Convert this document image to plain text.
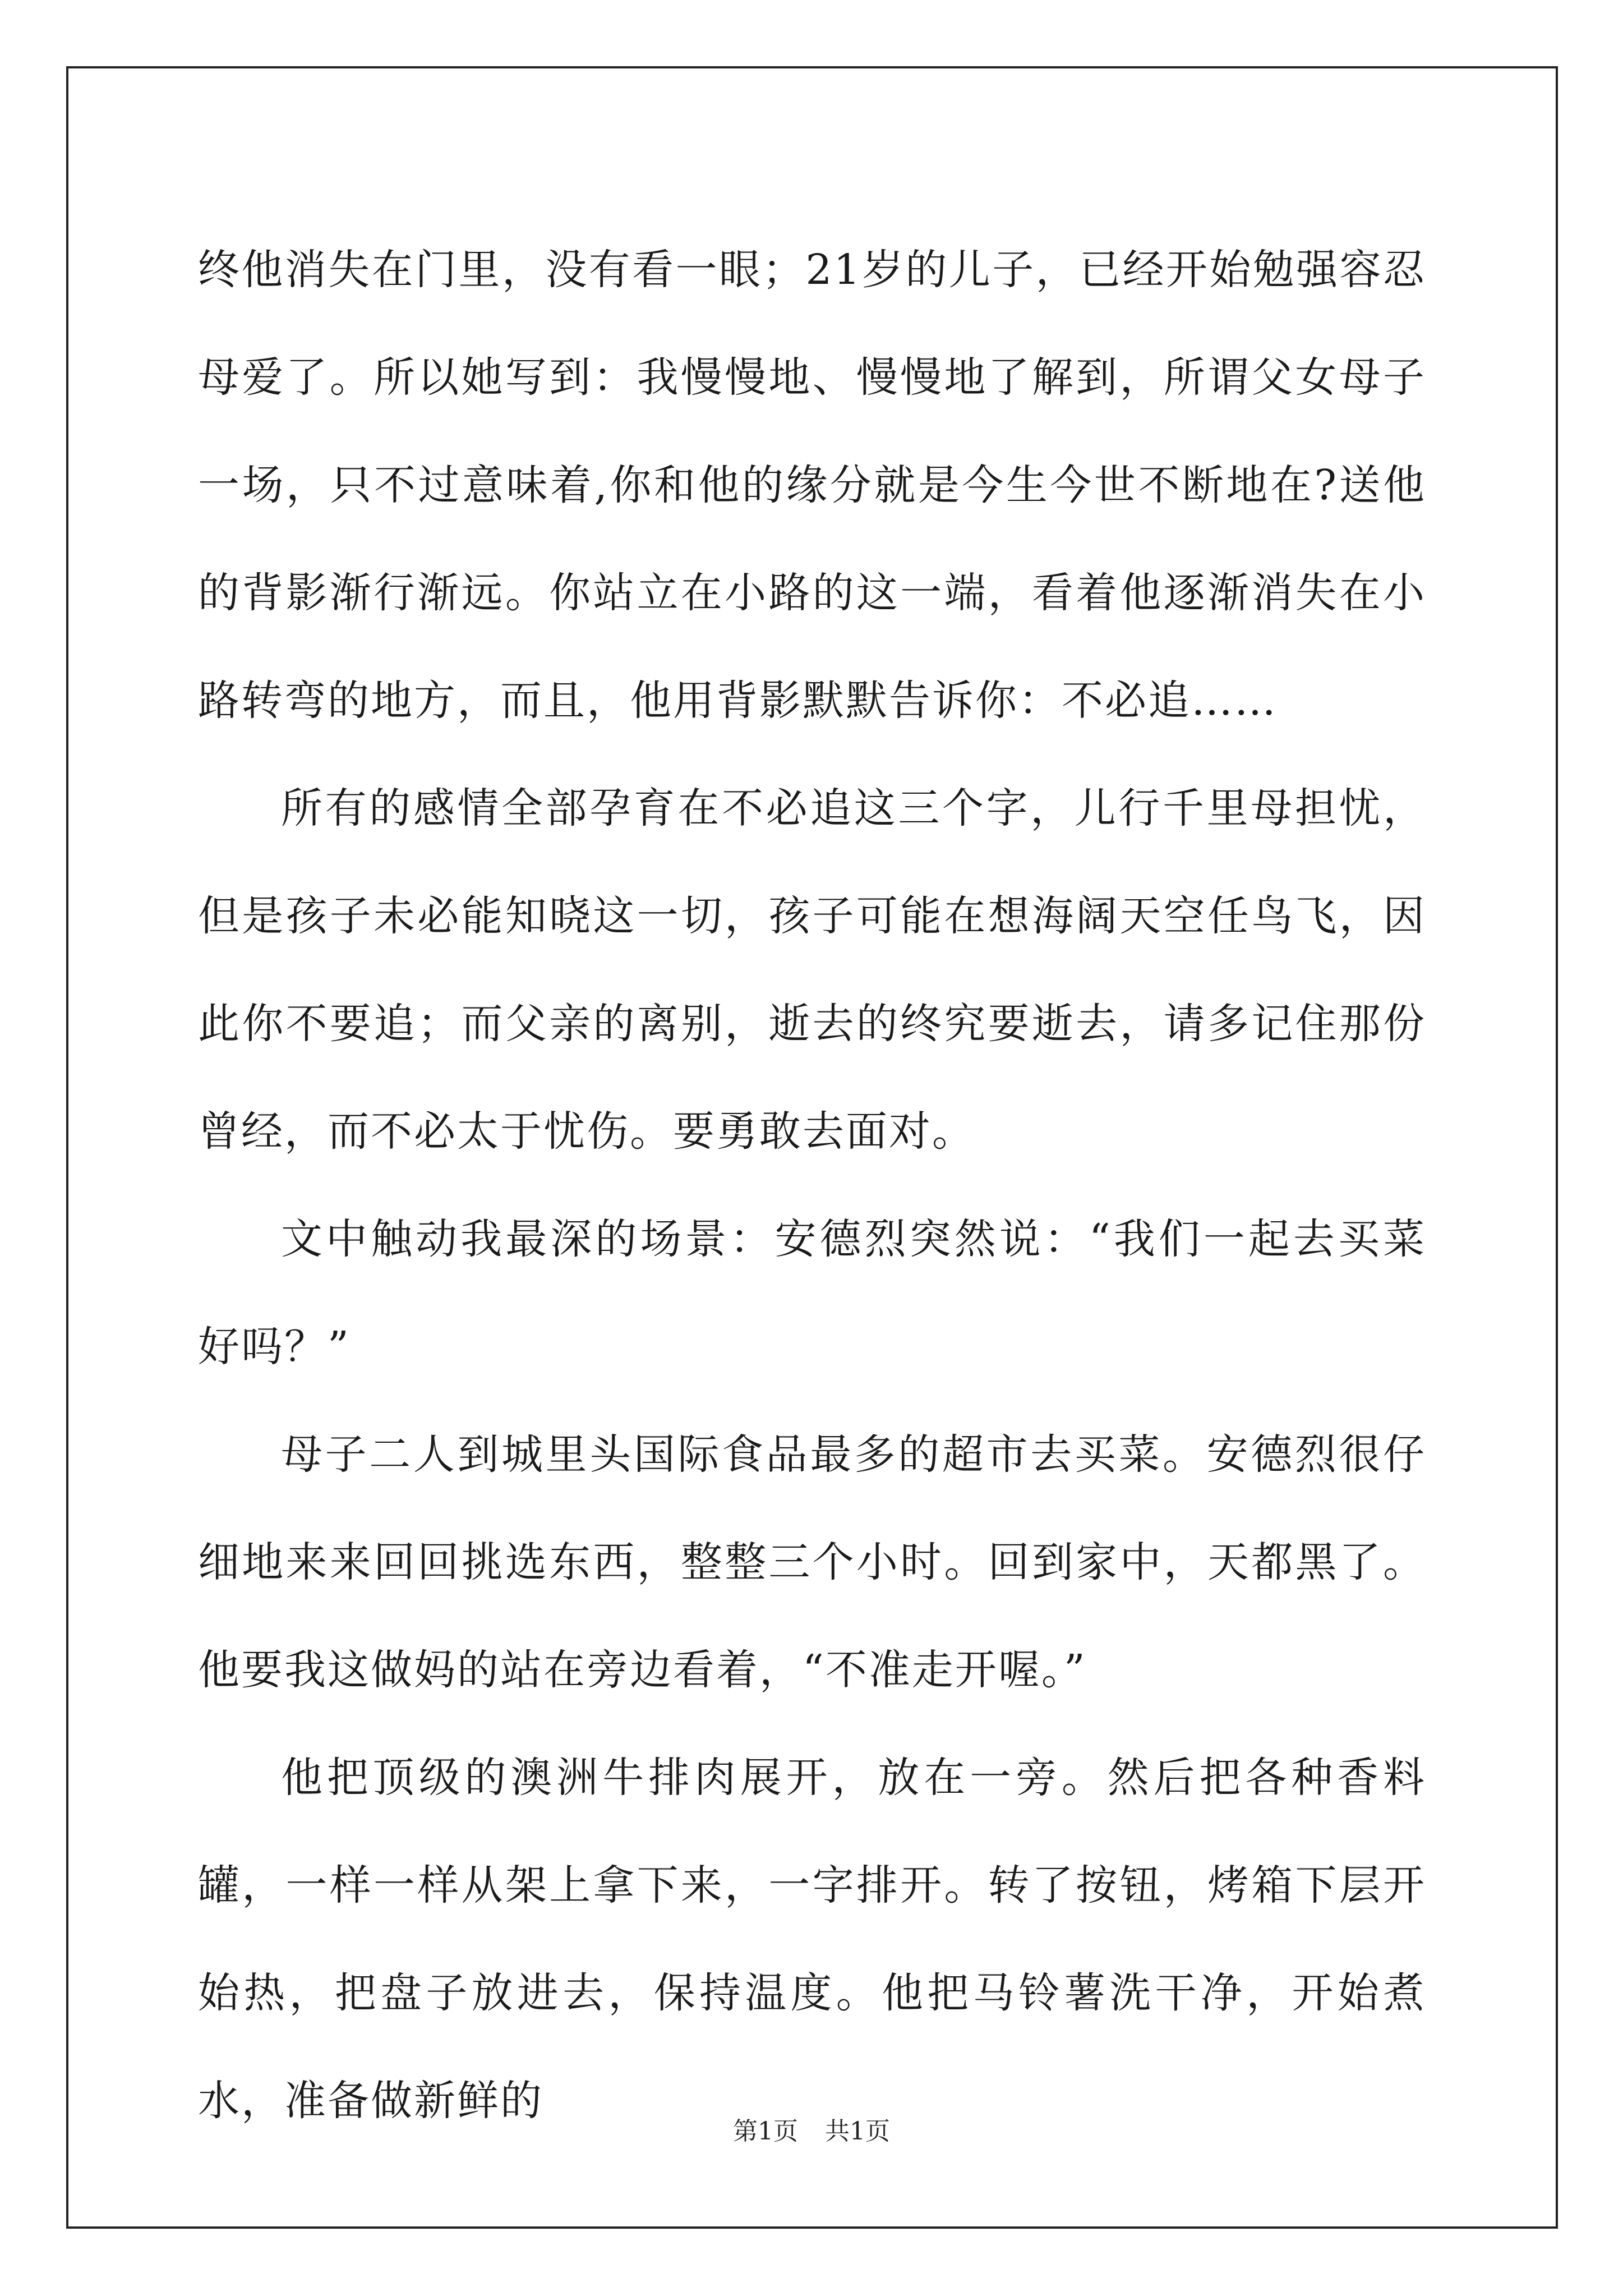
终他消失在门里，没有看一眼；21岁的儿子，已经开始勉强容忍母爱了。所以她写到：我慢慢地、慢慢地了解到，所谓父女母子一场，只不过意味着,你和他的缘分就是今生今世不断地在?送他的背影渐行渐远。你站立在小路的这一端，看着他逐渐消失在小路转弯的地方，而且，他用背影默默告诉你：不必追……

所有的感情全部孕育在不必追这三个字，儿行千里母担忧，但是孩子未必能知晓这一切，孩子可能在想海阔天空任鸟飞，因此你不要追；而父亲的离别，逝去的终究要逝去，请多记住那份曾经，而不必太于忧伤。要勇敢去面对。

文中触动我最深的场景：安德烈突然说：“我们一起去买菜好吗？”

母子二人到城里头国际食品最多的超市去买菜。安德烈很仔细地来来回回挑选东西，整整三个小时。回到家中，天都黑了。他要我这做妈的站在旁边看着，“不准走开喔。”

他把顶级的澳洲牛排肉展开，放在一旁。然后把各种香料罐，一样一样从架上拿下来，一字排开。转了按钮，烤箱下层开始热，把盘子放进去，保持温度。他把马铃薯洗干净，开始煮水，准备做新鲜的

第1页 共1页
